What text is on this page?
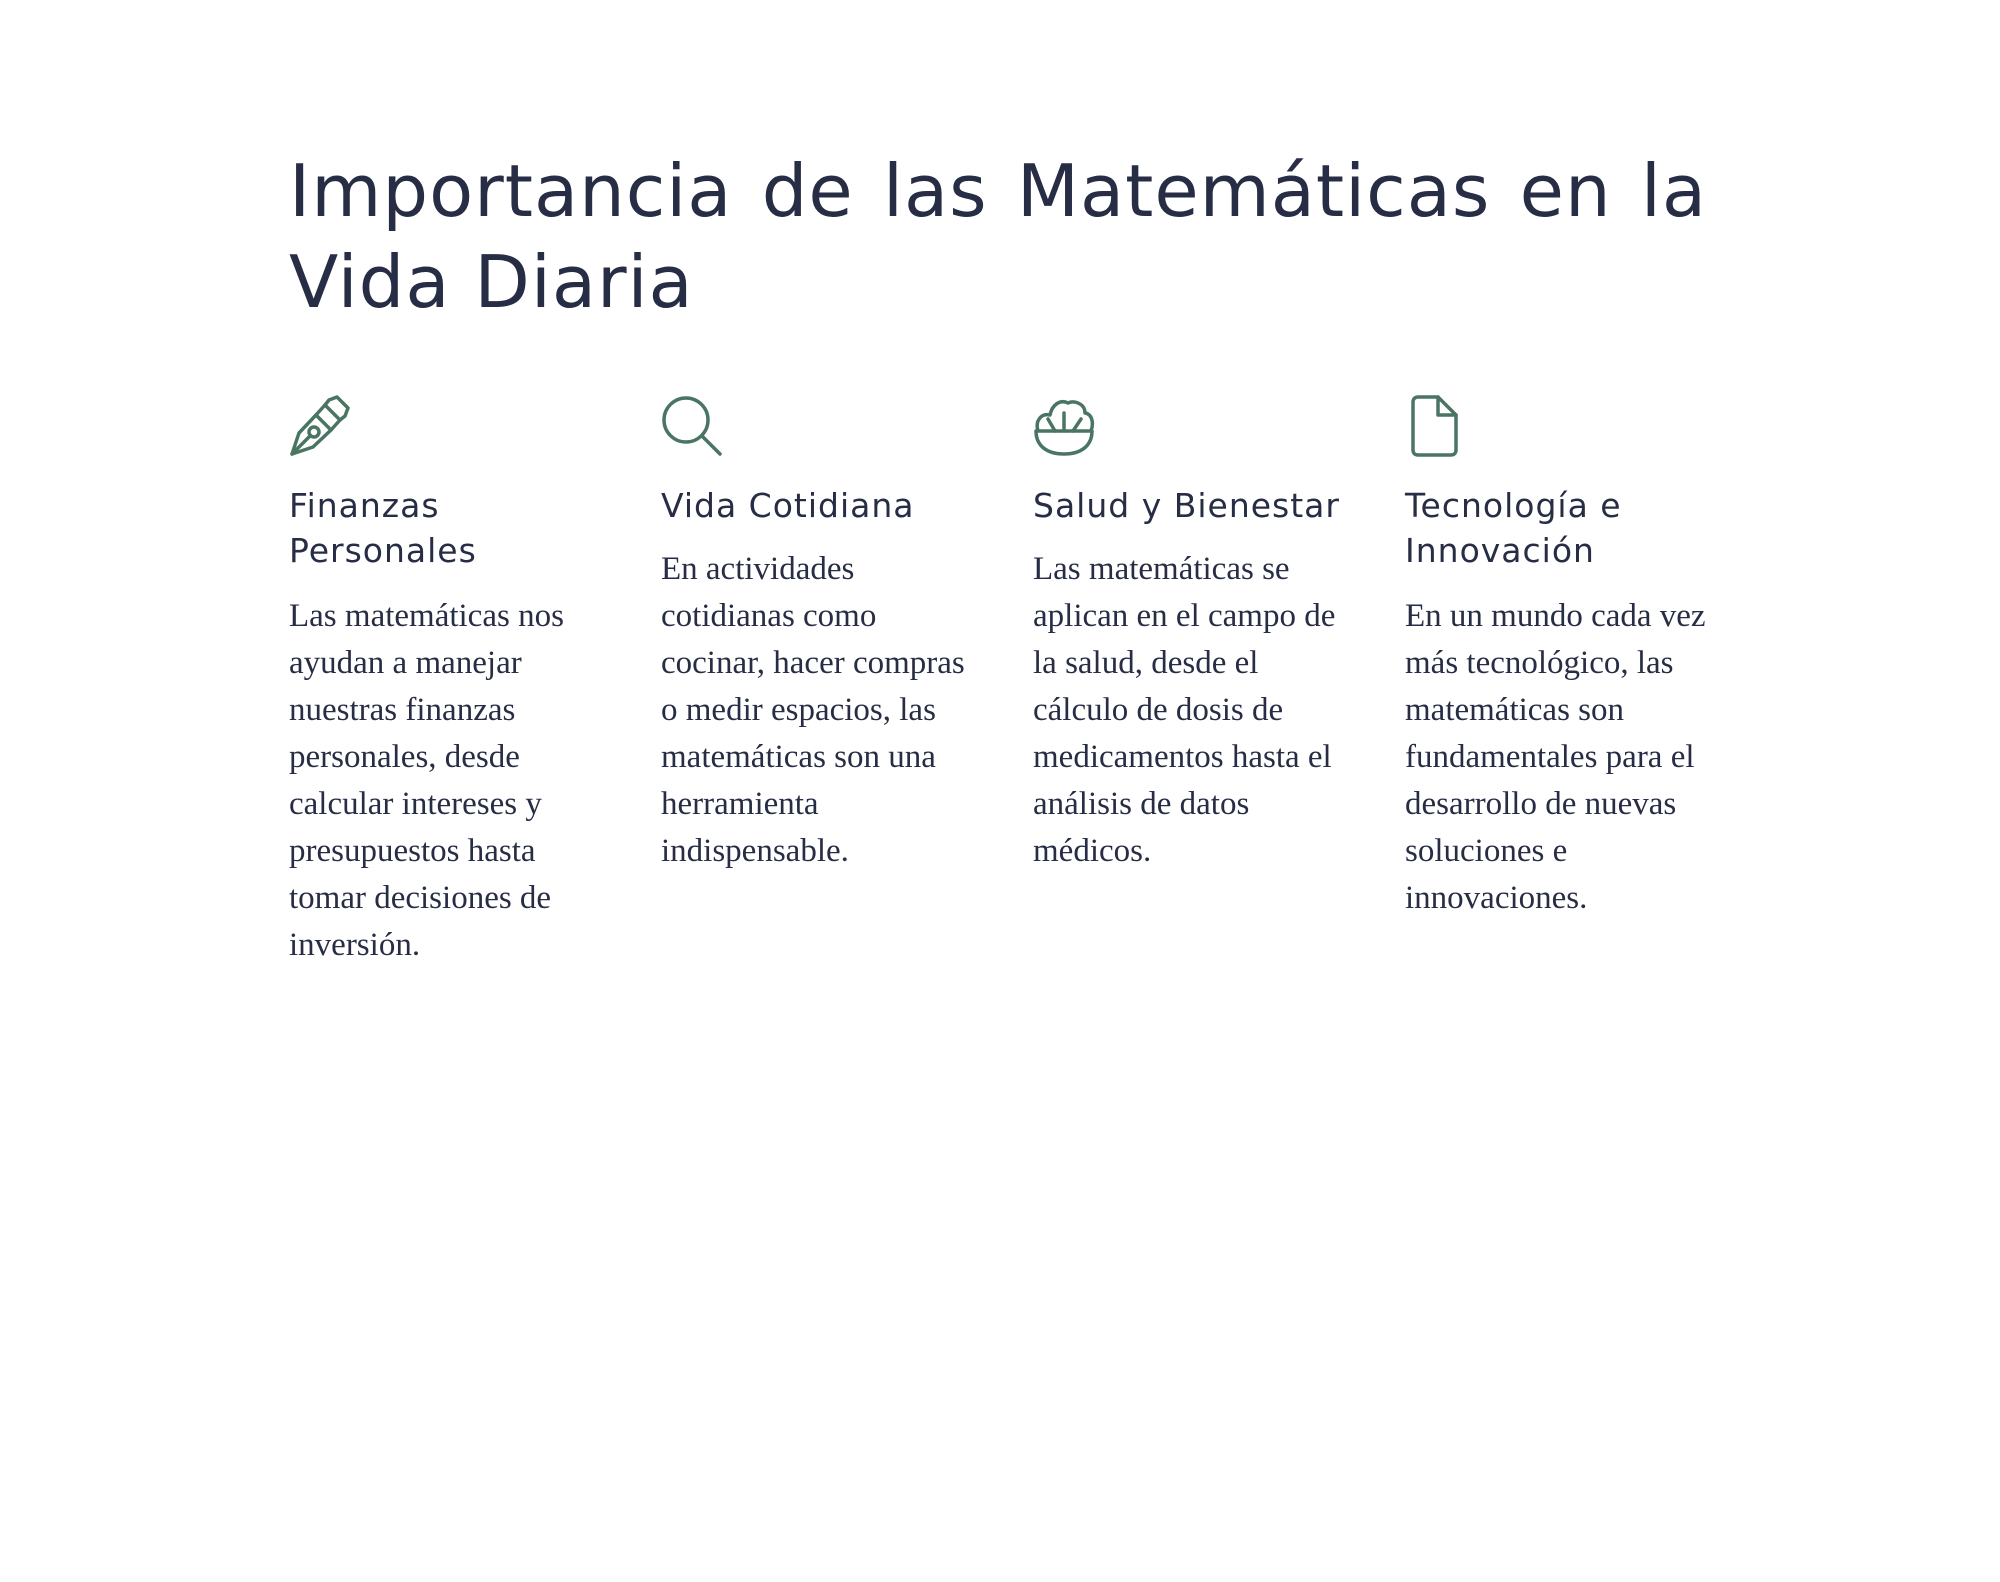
Importancia de las Matemáticas en la Vida Diaria
Finanzas Personales

Las matemáticas nos ayudan a manejar nuestras finanzas personales, desde calcular intereses y presupuestos hasta tomar decisiones de inversión.

Vida Cotidiana

En actividades cotidianas como cocinar, hacer compras o medir espacios, las matemáticas son una herramienta indispensable.

Salud y Bienestar

Las matemáticas se aplican en el campo de la salud, desde el cálculo de dosis de medicamentos hasta el análisis de datos médicos.

Tecnología e Innovación

En un mundo cada vez más tecnológico, las matemáticas son fundamentales para el desarrollo de nuevas soluciones e innovaciones.
